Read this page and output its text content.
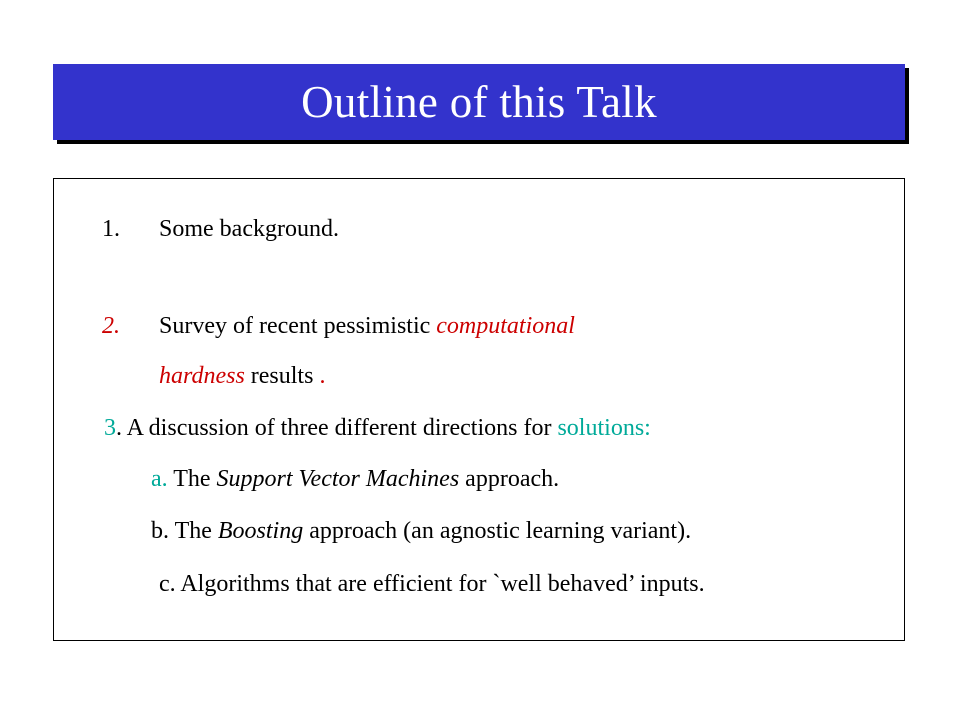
Outline of this Talk
1. Some background.
2. Survey of recent pessimistic computational
hardness results .
3. A discussion of three different directions for solutions:
a. The Support Vector Machines approach.
b. The Boosting approach (an agnostic learning variant).
c. Algorithms that are efficient for `well behaved’ inputs.
